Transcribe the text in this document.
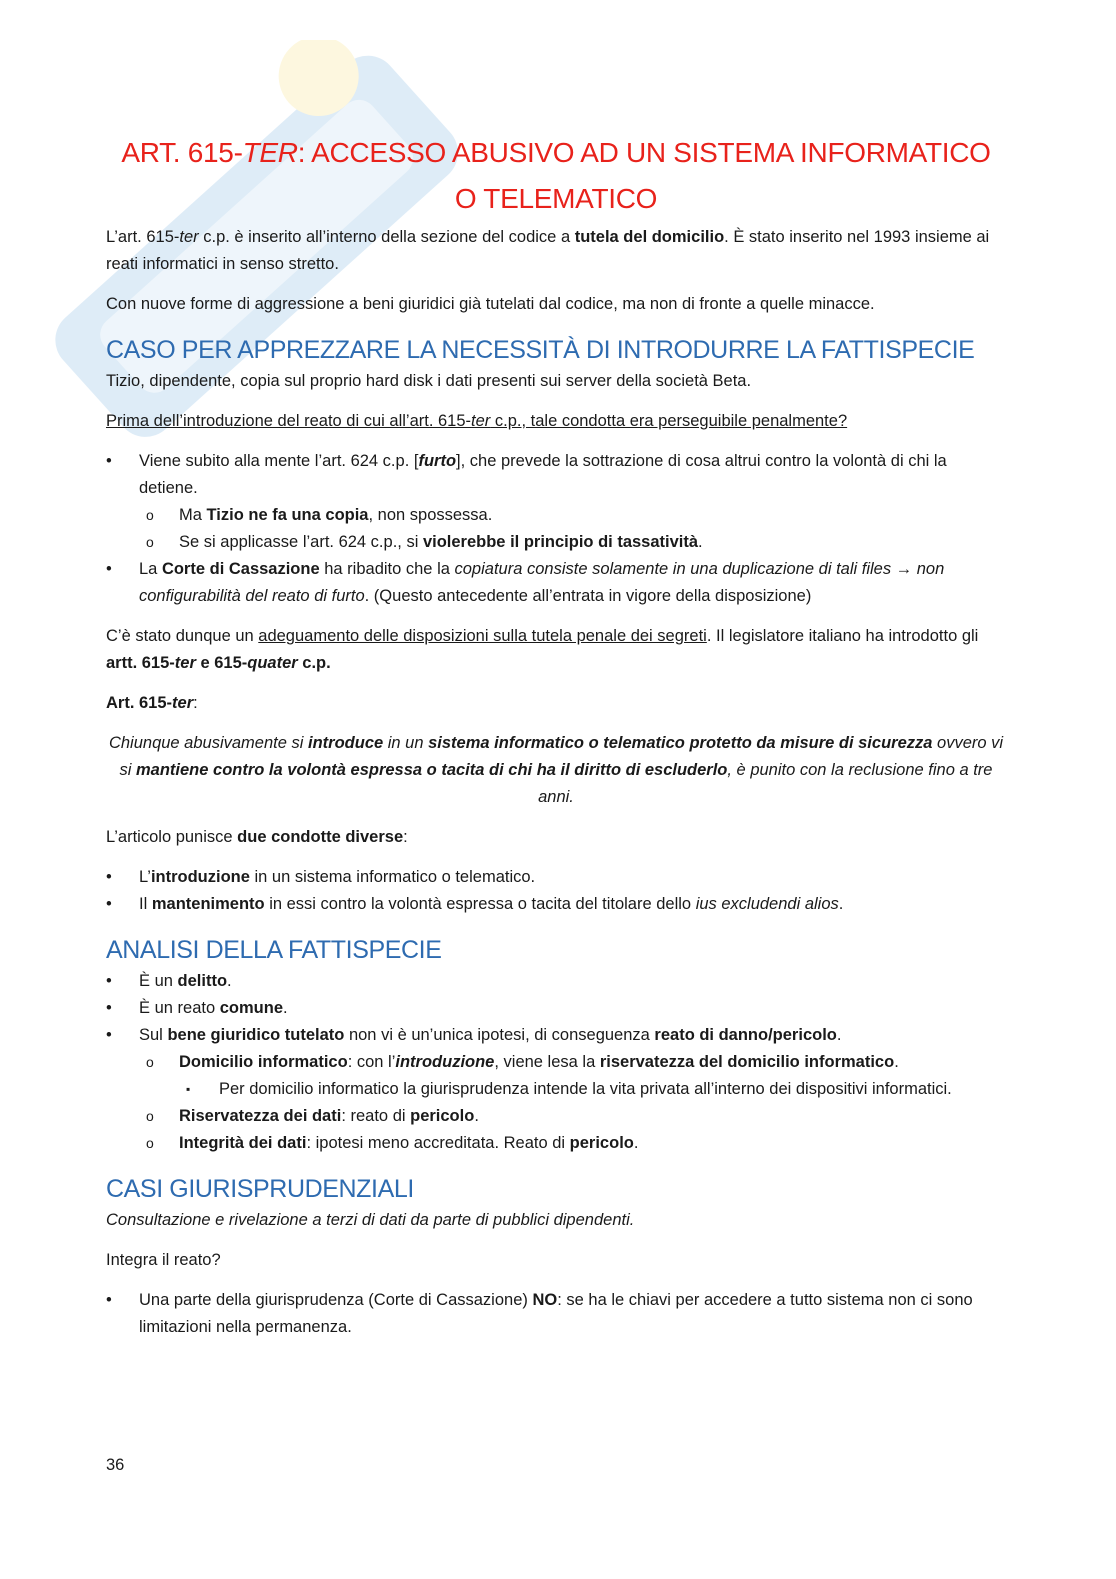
ART. 615-TER: ACCESSO ABUSIVO AD UN SISTEMA INFORMATICO
O TELEMATICO

L’art. 615-ter c.p. è inserito all’interno della sezione del codice a tutela del domicilio. È stato inserito nel 1993 insieme ai reati informatici in senso stretto.

Con nuove forme di aggressione a beni giuridici già tutelati dal codice, ma non di fronte a quelle minacce.

CASO PER APPREZZARE LA NECESSITÀ DI INTRODURRE LA FATTISPECIE

Tizio, dipendente, copia sul proprio hard disk i dati presenti sui server della società Beta.

Prima dell’introduzione del reato di cui all’art. 615-ter c.p., tale condotta era perseguibile penalmente?

• Viene subito alla mente l’art. 624 c.p. [furto], che prevede la sottrazione di cosa altrui contro la volontà di chi la detiene.
o Ma Tizio ne fa una copia, non spossessa.
o Se si applicasse l’art. 624 c.p., si violerebbe il principio di tassatività.
• La Corte di Cassazione ha ribadito che la copiatura consiste solamente in una duplicazione di tali files → non configurabilità del reato di furto. (Questo antecedente all’entrata in vigore della disposizione)

C’è stato dunque un adeguamento delle disposizioni sulla tutela penale dei segreti. Il legislatore italiano ha introdotto gli artt. 615-ter e 615-quater c.p.

Art. 615-ter:

Chiunque abusivamente si introduce in un sistema informatico o telematico protetto da misure di sicurezza ovvero vi si mantiene contro la volontà espressa o tacita di chi ha il diritto di escluderlo, è punito con la reclusione fino a tre anni.

L’articolo punisce due condotte diverse:

• L’introduzione in un sistema informatico o telematico.
• Il mantenimento in essi contro la volontà espressa o tacita del titolare dello ius excludendi alios.
ANALISI DELLA FATTISPECIE
• È un delitto.
• È un reato comune.
• Sul bene giuridico tutelato non vi è un’unica ipotesi, di conseguenza reato di danno/pericolo.
o Domicilio informatico: con l’introduzione, viene lesa la riservatezza del domicilio informatico.
▪ Per domicilio informatico la giurisprudenza intende la vita privata all’interno dei dispositivi informatici.
o Riservatezza dei dati: reato di pericolo.
o Integrità dei dati: ipotesi meno accreditata. Reato di pericolo.
CASI GIURISPRUDENZIALI

Consultazione e rivelazione a terzi di dati da parte di pubblici dipendenti.

Integra il reato?

• Una parte della giurisprudenza (Corte di Cassazione) NO: se ha le chiavi per accedere a tutto sistema non ci sono limitazioni nella permanenza.
36
